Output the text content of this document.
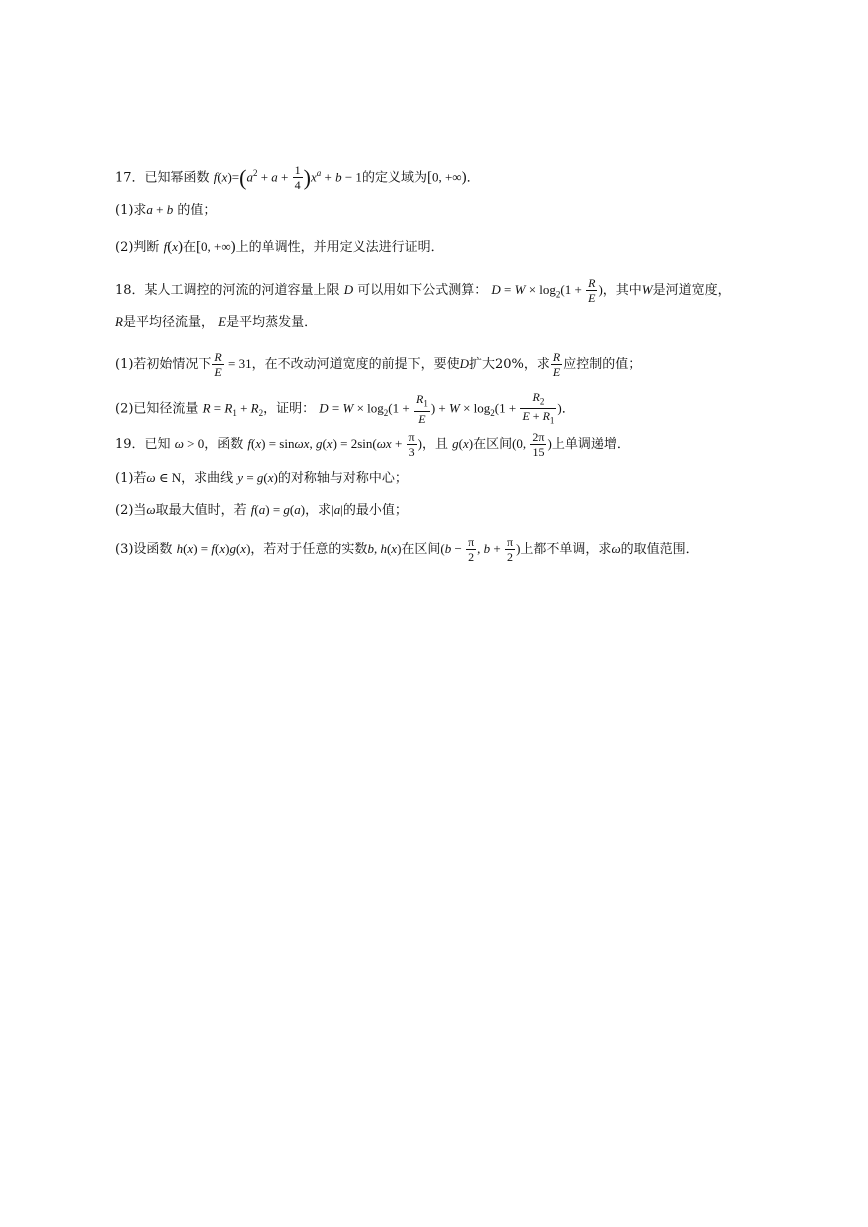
17．已知幂函数 $f(x)=(a^2 + a + \frac{1}{4} )x^a + b - 1$的定义域为[0, +∞)．
(1)求a + b 的值；
(2)判断 f(x)在[0, +∞)上的单调性，并用定义法进行证明．
18．某人工调控的河流的河道容量上限 D 可以用如下公式测算： $D = W \times \log_2(1 + \frac{R}{E}$ )，其中W是河道宽度，
R是平均径流量， E是平均蒸发量．
(1)若初始情况下 $\frac{R}{E} = 31$，在不改动河道宽度的前提下，要使D扩大20%，求 $\frac{R}{E}$ 应控制的值；
(2)已知径流量 $R = R_1 + R_2$，证明： $D = W \times \log_2(1 + \frac{R_1}{E}$ ) + $W \times \log_2(1 + \frac{R_2}{E + R_1}$ )．
19．已知 ω > 0，函数 f(x) = sinωx, $g(x) = 2\sin(\omega x + \frac{\pi}{3}$ )，且 g(x)在区间(0, $\frac{2\pi}{15}$ )上单调递增．
(1)若ω ∈ N，求曲线 y = g(x)的对称轴与对称中心；
(2)当ω取最大值时，若 f(a) = g(a)，求|a|的最小值；
(3)设函数 h(x) = f(x)g(x)，若对于任意的实数b, h(x)在区间($b - \frac{\pi}{2}$ , $b + \frac{\pi}{2}$ )上都不单调，求ω的取值范围．
